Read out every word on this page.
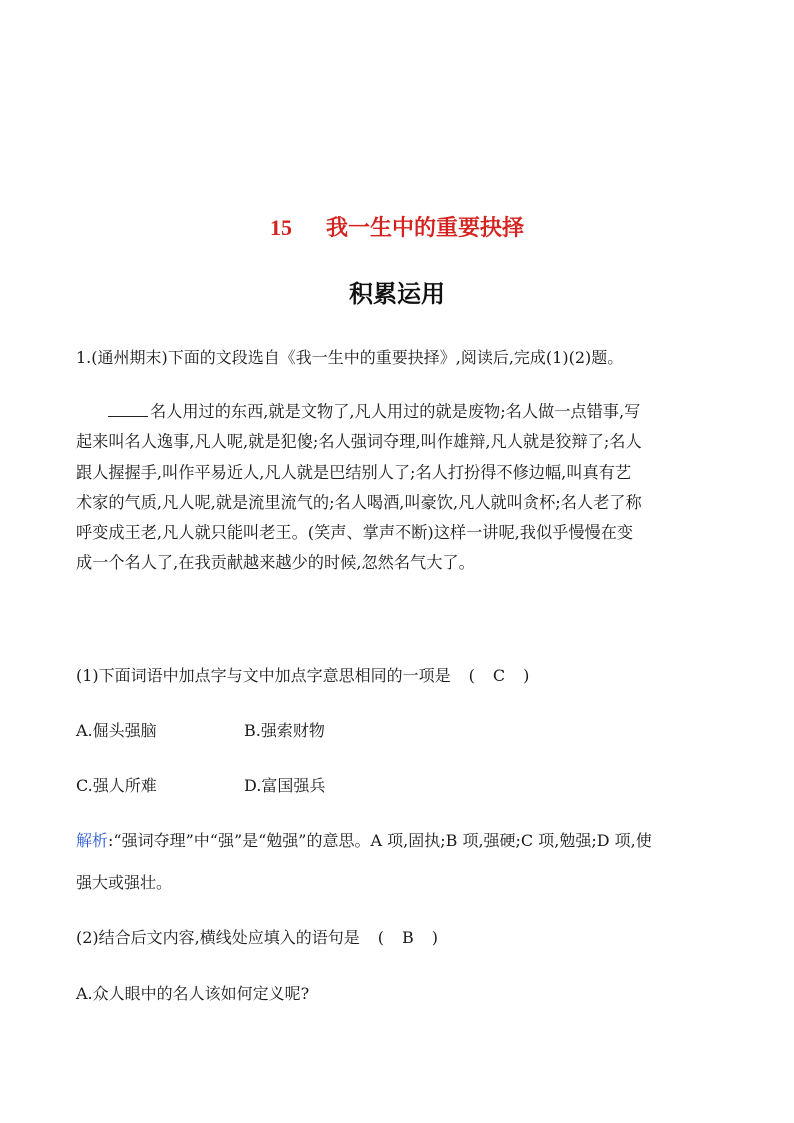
15 我一生中的重要抉择
积累运用
1.(通州期末)下面的文段选自《我一生中的重要抉择》,阅读后,完成(1)(2)题。
名人用过的东西,就是文物了,凡人用过的就是废物;名人做一点错事,写
起来叫名人逸事,凡人呢,就是犯傻;名人强词夺理,叫作雄辩,凡人就是狡辩了;名人
跟人握握手,叫作平易近人,凡人就是巴结别人了;名人打扮得不修边幅,叫真有艺
术家的气质,凡人呢,就是流里流气的;名人喝酒,叫豪饮,凡人就叫贪杯;名人老了称
呼变成王老,凡人就只能叫老王。(笑声、掌声不断)这样一讲呢,我似乎慢慢在变
成一个名人了,在我贡献越来越少的时候,忽然名气大了。
(1)下面词语中加点字与文中加点字意思相同的一项是 ( C )
A.倔头强脑	B.强索财物
C.强人所难	D.富国强兵
解析:“强词夺理”中“强”是“勉强”的意思。A 项,固执;B 项,强硬;C 项,勉强;D 项,使
强大或强壮。
(2)结合后文内容,横线处应填入的语句是 ( B )
A.众人眼中的名人该如何定义呢?
